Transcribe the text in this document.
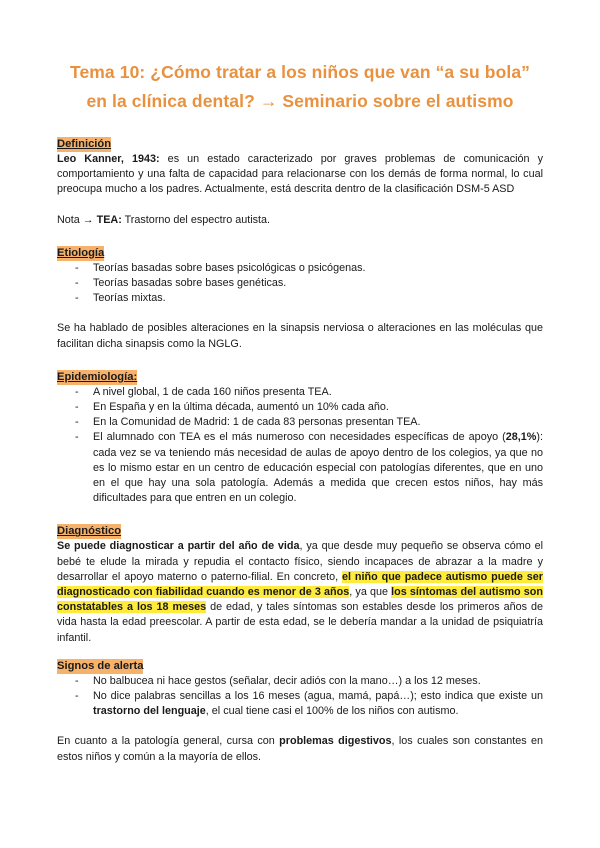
Tema 10: ¿Cómo tratar a los niños que van “a su bola”
en la clínica dental? → Seminario sobre el autismo
Definición

Leo Kanner, 1943: es un estado caracterizado por graves problemas de comunicación y comportamiento y una falta de capacidad para relacionarse con los demás de forma normal, lo cual preocupa mucho a los padres. Actualmente, está descrita dentro de la clasificación DSM-5 ASD

Nota → TEA: Trastorno del espectro autista.

Etiología
- Teorías basadas sobre bases psicológicas o psicógenas.
- Teorías basadas sobre bases genéticas.
- Teorías mixtas.

Se ha hablado de posibles alteraciones en la sinapsis nerviosa o alteraciones en las moléculas que facilitan dicha sinapsis como la NGLG.

Epidemiología:
- A nivel global, 1 de cada 160 niños presenta TEA.
- En España y en la última década, aumentó un 10% cada año.
- En la Comunidad de Madrid: 1 de cada 83 personas presentan TEA.
- El alumnado con TEA es el más numeroso con necesidades específicas de apoyo (28,1%): cada vez se va teniendo más necesidad de aulas de apoyo dentro de los colegios, ya que no es lo mismo estar en un centro de educación especial con patologías diferentes, que en uno en el que hay una sola patología. Además a medida que crecen estos niños, hay más dificultades para que entren en un colegio.
Diagnóstico

Se puede diagnosticar a partir del año de vida, ya que desde muy pequeño se observa cómo el bebé te elude la mirada y repudia el contacto físico, siendo incapaces de abrazar a la madre y desarrollar el apoyo materno o paterno-filial. En concreto, el niño que padece autismo puede ser diagnosticado con fiabilidad cuando es menor de 3 años, ya que los síntomas del autismo son constatables a los 18 meses de edad, y tales síntomas son estables desde los primeros años de vida hasta la edad preescolar. A partir de esta edad, se le debería mandar a la unidad de psiquiatría infantil.

Signos de alerta
- No balbucea ni hace gestos (señalar, decir adiós con la mano…) a los 12 meses.
- No dice palabras sencillas a los 16 meses (agua, mamá, papá…); esto indica que existe un trastorno del lenguaje, el cual tiene casi el 100% de los niños con autismo.

En cuanto a la patología general, cursa con problemas digestivos, los cuales son constantes en estos niños y común a la mayoría de ellos.
